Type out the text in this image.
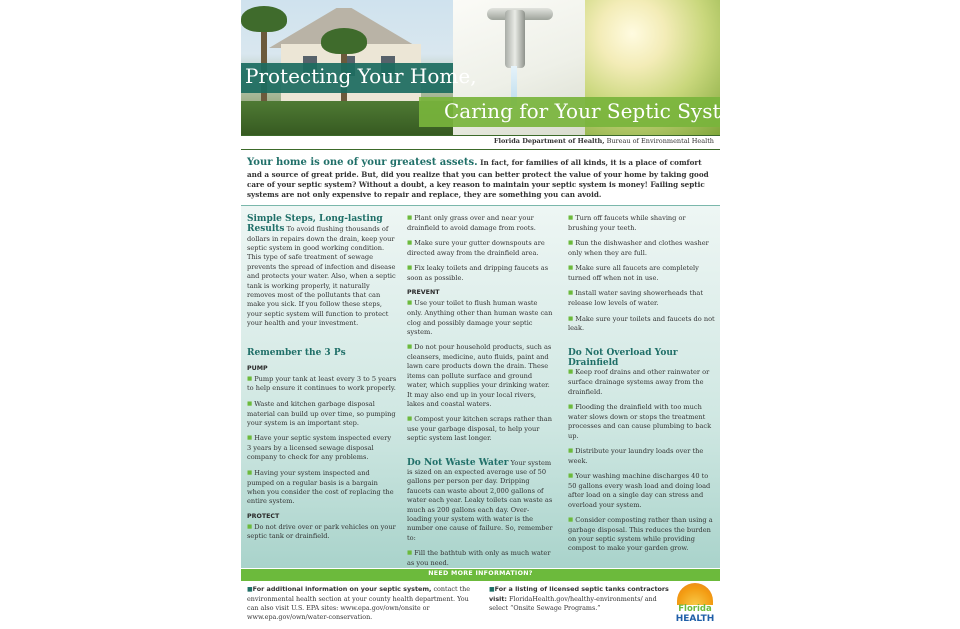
Protecting Your Home,
Caring for Your Septic System
Florida Department of Health, Bureau of Environmental Health
Your home is one of your greatest assets. In fact, for families of all kinds, it is a place of comfort and a source of great pride. But, did you realize that you can better protect the value of your home by taking good care of your septic system? Without a doubt, a key reason to maintain your septic system is money! Failing septic systems are not only expensive to repair and replace, they are something you can avoid.
Simple Steps, Long-lasting Results To avoid flushing thousands of dollars in repairs down the drain, keep your septic system in good working condition. This type of safe treatment of sewage prevents the spread of infection and disease and protects your water. Also, when a septic tank is working properly, it naturally removes most of the pollutants that can make you sick. If you follow these steps, your septic system will function to protect your health and your investment.
Remember the 3 Ps
PUMP
■ Pump your tank at least every 3 to 5 years to help ensure it continues to work properly.
■ Waste and kitchen garbage disposal material can build up over time, so pumping your system is an important step.
■ Have your septic system inspected every 3 years by a licensed sewage disposal company to check for any problems.
■ Having your system inspected and pumped on a regular basis is a bargain when you consider the cost of replacing the entire system.
PROTECT
■ Do not drive over or park vehicles on your septic tank or drainfield.
■ Plant only grass over and near your drainfield to avoid damage from roots.
■ Make sure your gutter downspouts are directed away from the drainfield area.
■ Fix leaky toilets and dripping faucets as soon as possible.
PREVENT
■ Use your toilet to flush human waste only. Anything other than human waste can clog and possibly damage your septic system.
■ Do not pour household products, such as cleansers, medicine, auto fluids, paint and lawn care products down the drain. These items can pollute surface and ground water, which supplies your drinking water. It may also end up in your local rivers, lakes and coastal waters.
■ Compost your kitchen scraps rather than use your garbage disposal, to help your septic system last longer.
Do Not Waste Water Your system is sized on an expected average use of 50 gallons per person per day. Dripping faucets can waste about 2,000 gallons of water each year. Leaky toilets can waste as much as 200 gallons each day. Over-loading your system with water is the number one cause of failure. So, remember to:
■ Fill the bathtub with only as much water as you need.
■ Turn off faucets while shaving or brushing your teeth.
■ Run the dishwasher and clothes washer only when they are full.
■ Make sure all faucets are completely turned off when not in use.
■ Install water saving showerheads that release low levels of water.
■ Make sure your toilets and faucets do not leak.
Do Not Overload Your Drainfield
■ Keep roof drains and other rainwater or surface drainage systems away from the drainfield.
■ Flooding the drainfield with too much water slows down or stops the treatment processes and can cause plumbing to back up.
■ Distribute your laundry loads over the week.
■ Your washing machine discharges 40 to 50 gallons every wash load and doing load after load on a single day can stress and overload your system.
■ Consider composting rather than using a garbage disposal. This reduces the burden on your septic system while providing compost to make your garden grow.
NEED MORE INFORMATION?
■For additional information on your septic system, contact the environmental health section at your county health department. You can also visit U.S. EPA sites: www.epa.gov/own/onsite or www.epa.gov/own/water-conservation.
■For a listing of licensed septic tanks contractors visit: FloridaHealth.gov/healthy-environments/ and select “Onsite Sewage Programs.”	Florida
HEALTH
